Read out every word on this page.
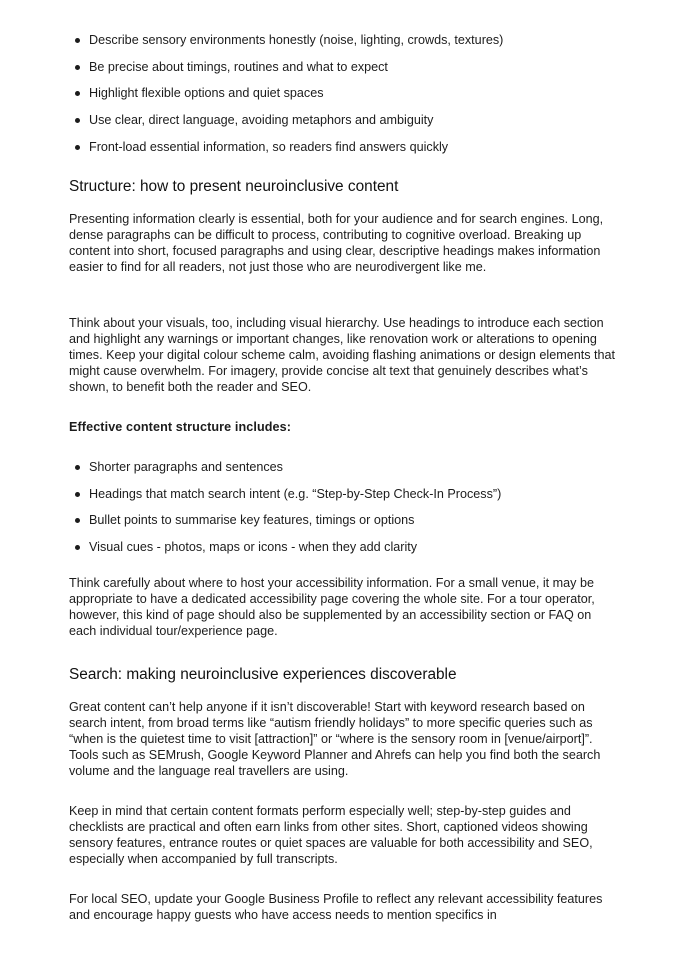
Describe sensory environments honestly (noise, lighting, crowds, textures)
Be precise about timings, routines and what to expect
Highlight flexible options and quiet spaces
Use clear, direct language, avoiding metaphors and ambiguity
Front-load essential information, so readers find answers quickly
Structure: how to present neuroinclusive content

Presenting information clearly is essential, both for your audience and for search engines. Long, dense paragraphs can be difficult to process, contributing to cognitive overload. Breaking up content into short, focused paragraphs and using clear, descriptive headings makes information easier to find for all readers, not just those who are neurodivergent like me.

Think about your visuals, too, including visual hierarchy. Use headings to introduce each section and highlight any warnings or important changes, like renovation work or alterations to opening times. Keep your digital colour scheme calm, avoiding flashing animations or design elements that might cause overwhelm. For imagery, provide concise alt text that genuinely describes what’s shown, to benefit both the reader and SEO.

Effective content structure includes:

Shorter paragraphs and sentences
Headings that match search intent (e.g. “Step-by-Step Check-In Process”)
Bullet points to summarise key features, timings or options
Visual cues - photos, maps or icons - when they add clarity

Think carefully about where to host your accessibility information. For a small venue, it may be appropriate to have a dedicated accessibility page covering the whole site. For a tour operator, however, this kind of page should also be supplemented by an accessibility section or FAQ on each individual tour/experience page.

Search: making neuroinclusive experiences discoverable

Great content can’t help anyone if it isn’t discoverable! Start with keyword research based on search intent, from broad terms like “autism friendly holidays” to more specific queries such as “when is the quietest time to visit [attraction]” or “where is the sensory room in [venue/airport]”. Tools such as SEMrush, Google Keyword Planner and Ahrefs can help you find both the search volume and the language real travellers are using.

Keep in mind that certain content formats perform especially well; step-by-step guides and checklists are practical and often earn links from other sites. Short, captioned videos showing sensory features, entrance routes or quiet spaces are valuable for both accessibility and SEO, especially when accompanied by full transcripts.

For local SEO, update your Google Business Profile to reflect any relevant accessibility features and encourage happy guests who have access needs to mention specifics in
